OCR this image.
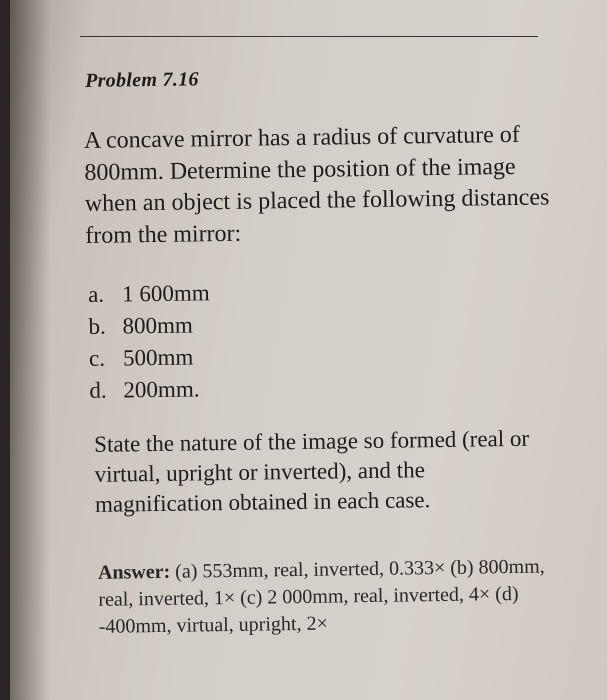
Problem 7.16
A concave mirror has a radius of curvature of 800mm. Determine the position of the image when an object is placed the following distances from the mirror:
a. 1 600mm
b. 800mm
c. 500mm
d. 200mm.
State the nature of the image so formed (real or virtual, upright or inverted), and the magnification obtained in each case.
Answer: (a) 553mm, real, inverted, 0.333× (b) 800mm, real, inverted, 1× (c) 2 000mm, real, inverted, 4× (d) -400mm, virtual, upright, 2×
